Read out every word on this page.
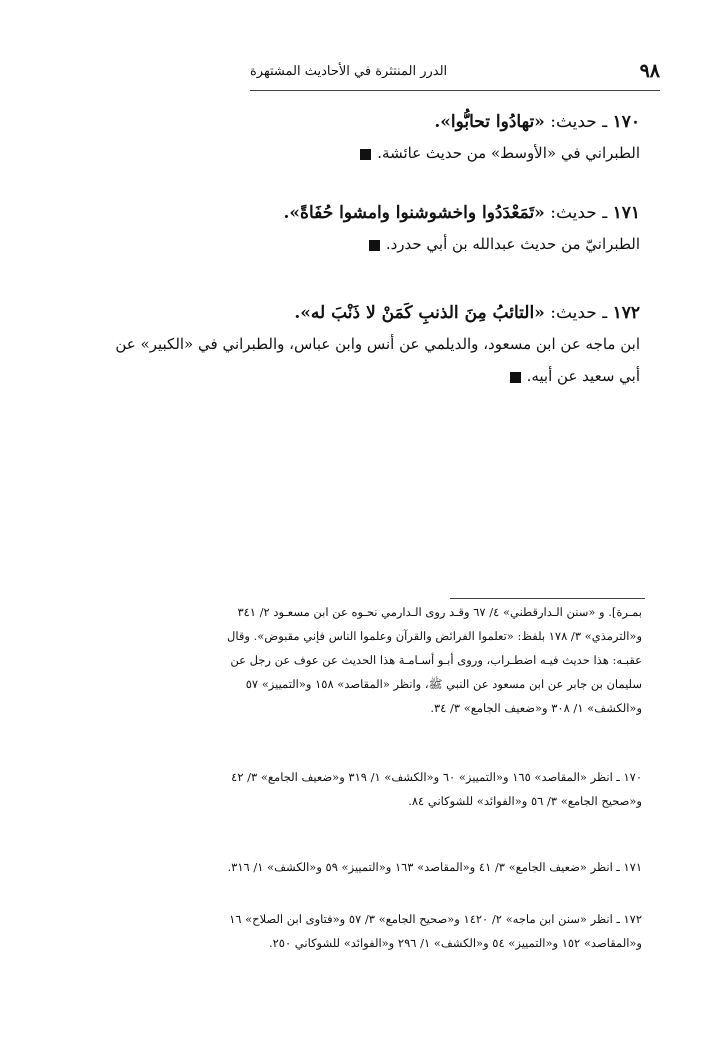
٩٨
الدرر المنتثرة في الأحاديث المشتهرة
١٧٠ ـ حديث: «تهادُوا تحابُّوا».
الطبراني في «الأوسط» من حديث عائشة.
١٧١ ـ حديث: «تَمَعْدَدُوا واخشوشنوا وامشوا حُفَاةً».
الطبرانيّ من حديث عبدالله بن أبي حدرد.
١٧٢ ـ حديث: «التائبُ مِنَ الذنبِ كَمَنْ لا ذَنْبَ له».
ابن ماجه عن ابن مسعود، والديلمي عن أنس وابن عباس، والطبراني في «الكبير» عن
أبي سعيد عن أبيه.
بمـرة]. و «سنن الـدارقطني» ٤/ ٦٧ وقـد روى الـدارمي نحـوه عن ابن مسعـود ٢/ ٣٤١
و«الترمذي» ٣/ ١٧٨ بلفظ: «تعلموا الفرائض والقرآن وعلموا الناس فإني مقبوض». وقال
عقبـه: هذا حديث فيـه اضطـراب، وروى أبـو أسـامـة هذا الحديث عن عوف عن رجل عن
سليمان بن جابر عن ابن مسعود عن النبي ﷺ، وانظر «المقاصد» ١٥٨ و«التمييز» ٥٧
و«الكشف» ١/ ٣٠٨ و«ضعيف الجامع» ٣/ ٣٤.
١٧٠ ـ انظر «المقاصد» ١٦٥ و«التمييز» ٦٠ و«الكشف» ١/ ٣١٩ و«ضعيف الجامع» ٣/ ٤٢
و«صحيح الجامع» ٣/ ٥٦ و«الفوائد» للشوكاني ٨٤.
١٧١ ـ انظر «ضعيف الجامع» ٣/ ٤١ و«المقاصد» ١٦٣ و«التمييز» ٥٩ و«الكشف» ١/ ٣١٦.
١٧٢ ـ انظر «سنن ابن ماجه» ٢/ ١٤٢٠ و«صحيح الجامع» ٣/ ٥٧ و«فتاوى ابن الصلاح» ١٦
و«المقاصد» ١٥٢ و«التمييز» ٥٤ و«الكشف» ١/ ٢٩٦ و«الفوائد» للشوكاني ٢٥٠.
